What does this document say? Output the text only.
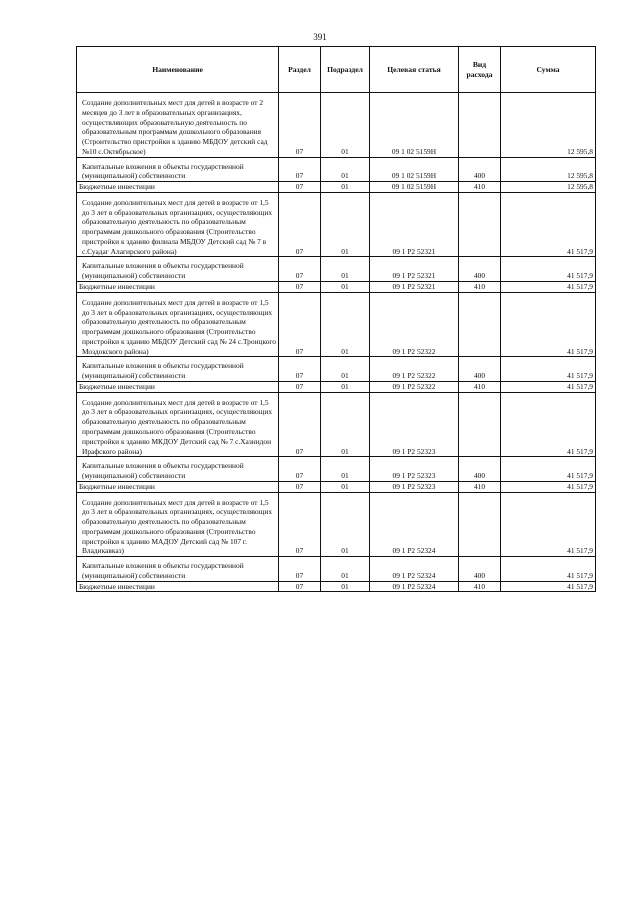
391
Наименование	Раздел	Подраздел	Целевая статья	Вид расхода	Сумма
Создание дополнительных мест для детей в возрасте от 2 месяцев до 3 лет в образовательных организациях, осуществляющих образовательную деятельность по образовательным программам дошкольного образования (Строительство пристройки к зданию МБДОУ детский сад №10 с.Октябрьское)	07	01	09 1 02 5159Н		12 595,8
Капитальные вложения в объекты государственной (муниципальной) собственности	07	01	09 1 02 5159Н	400	12 595,8
Бюджетные инвестиции	07	01	09 1 02 5159Н	410	12 595,8
Создание дополнительных мест для детей в возрасте от 1,5 до 3 лет в образовательных организациях, осуществляющих образовательную деятельность по образовательным программам дошкольного образования (Строительство пристройки к зданию филиала МБДОУ Детский сад № 7 в с.Суадаг Алагирского района)	07	01	09 1 P2 52321		41 517,9
Капитальные вложения в объекты государственной (муниципальной) собственности	07	01	09 1 P2 52321	400	41 517,9
Бюджетные инвестиции	07	01	09 1 P2 52321	410	41 517,9
Создание дополнительных мест для детей в возрасте от 1,5 до 3 лет в образовательных организациях, осуществляющих образовательную деятельность по образовательным программам дошкольного образования (Строительство пристройки к зданию МБДОУ Детский сад № 24 с.Троицкого Моздокского района)	07	01	09 1 P2 52322		41 517,9
Капитальные вложения в объекты государственной (муниципальной) собственности	07	01	09 1 P2 52322	400	41 517,9
Бюджетные инвестиции	07	01	09 1 P2 52322	410	41 517,9
Создание дополнительных мест для детей в возрасте от 1,5 до 3 лет в образовательных организациях, осуществляющих образовательную деятельность по образовательным программам дошкольного образования (Строительство пристройки к зданию МКДОУ Детский сад № 7 с.Хазнидон Ирафского района)	07	01	09 1 P2 52323		41 517,9
Капитальные вложения в объекты государственной (муниципальной) собственности	07	01	09 1 P2 52323	400	41 517,9
Бюджетные инвестиции	07	01	09 1 P2 52323	410	41 517,9
Создание дополнительных мест для детей в возрасте от 1,5 до 3 лет в образовательных организациях, осуществляющих образовательную деятельность по образовательным программам дошкольного образования (Строительство пристройки к зданию МАДОУ Детский сад № 107 г. Владикавказ)	07	01	09 1 P2 52324		41 517,9
Капитальные вложения в объекты государственной (муниципальной) собственности	07	01	09 1 P2 52324	400	41 517,9
Бюджетные инвестиции	07	01	09 1 P2 52324	410	41 517,9
